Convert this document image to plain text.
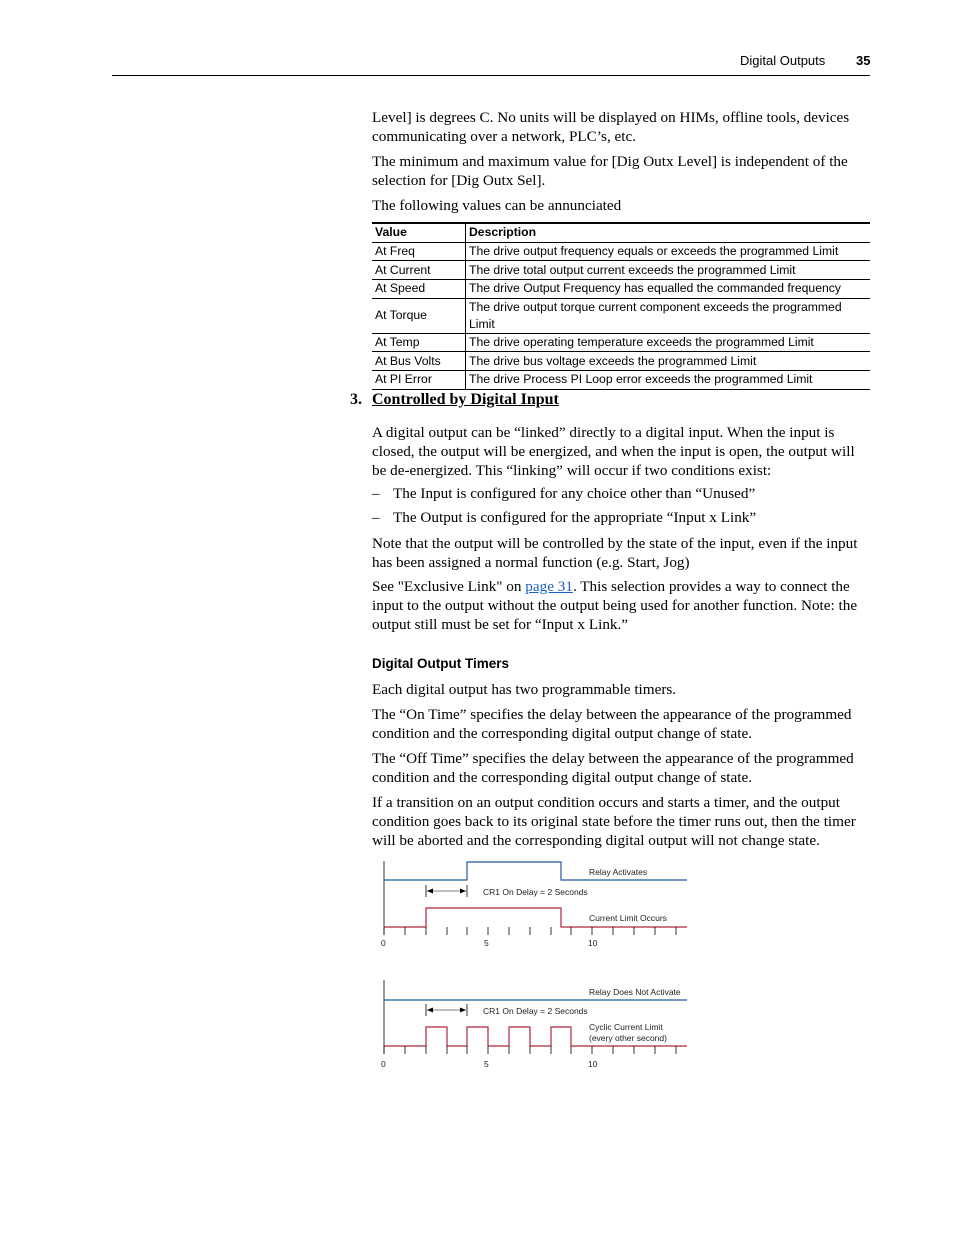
Digital Outputs 35

Level] is degrees C. No units will be displayed on HIMs, offline tools, devices communicating over a network, PLC’s, etc.

The minimum and maximum value for [Dig Outx Level] is independent of the selection for [Dig Outx Sel].

The following values can be annunciated

Value	Description
At Freq	The drive output frequency equals or exceeds the programmed Limit
At Current	The drive total output current exceeds the programmed Limit
At Speed	The drive Output Frequency has equalled the commanded frequency
At Torque	The drive output torque current component exceeds the programmed Limit
At Temp	The drive operating temperature exceeds the programmed Limit
At Bus Volts	The drive bus voltage exceeds the programmed Limit
At PI Error	The drive Process PI Loop error exceeds the programmed Limit
3. Controlled by Digital Input
A digital output can be “linked” directly to a digital input. When the input is closed, the output will be energized, and when the input is open, the output will be de-energized. This “linking” will occur if two conditions exist:
– The Input is configured for any choice other than “Unused”
– The Output is configured for the appropriate “Input x Link”
Note that the output will be controlled by the state of the input, even if the input has been assigned a normal function (e.g. Start, Jog)
See "Exclusive Link" on page 31. This selection provides a way to connect the input to the output without the output being used for another function. Note: the output still must be set for “Input x Link.”
Digital Output Timers

Each digital output has two programmable timers.

The “On Time” specifies the delay between the appearance of the programmed condition and the corresponding digital output change of state.

The “Off Time” specifies the delay between the appearance of the programmed condition and the corresponding digital output change of state.

If a transition on an output condition occurs and starts a timer, and the output condition goes back to its original state before the timer runs out, then the timer will be aborted and the corresponding digital output will not change state.

Relay Activates
CR1 On Delay = 2 Seconds
Current Limit Occurs
0	5	10
Relay Does Not Activate
CR1 On Delay = 2 Seconds
Cyclic Current Limit
(every other second)
0	5	10
